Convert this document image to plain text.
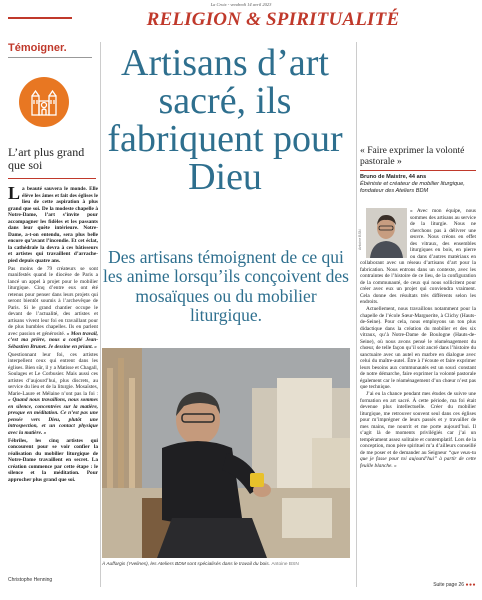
La Croix - vendredi 14 avril 2023
RELIGION & SPIRITUALITÉ
Témoigner.
L’art plus grand que soi

La beauté sauvera le monde. Elle élève les âmes et fait des églises le lieu de cette aspiration à plus grand que soi. De la modeste chapelle à Notre-Dame, l’art s’invite pour accompagner les fidèles et les passants dans leur quête intérieure. Notre-Dame, a-t-on entendu, sera plus belle encore qu’avant l’incendie. Et cet éclat, la cathédrale la devra à ces bâtisseurs et artistes qui travaillent d’arrache-pied depuis quatre ans.

Pas moins de 79 créateurs se sont manifestés quand le diocèse de Paris a lancé un appel à projet pour le mobilier liturgique. Cinq d’entre eux ont été retenus pour penser dans leurs projets qui seront bientôt soumis à l’archevêque de Paris. Si le grand chantier occupe le devant de l’actualité, des artistes et artisans vivent leur foi en travaillant pour de plus humbles chapelles. Ils en parlent avec passion et générosité. « Mon travail, c’est ma prière, nous a confié Jean-Sébastien Brunet. Je dessine en priant. »

Questionnant leur foi, ces artistes interpellent ceux qui entrent dans les églises. Bien sûr, il y a Matisse et Chagall, Soulages et Le Corbusier. Mais aussi ces artistes d’aujourd’hui, plus discrets, au service du lieu et de la liturgie. Mosaïstes, Marie-Laure et Mélaine n’ont pas la foi : « Quand nous travaillons, nous sommes en silence, concentrées sur la matière, presque en méditation. Ce n’est pas une pensée vers Dieu, plutôt une introspection, et un contact physique avec la matière. »

Fébriles, les cinq artistes qui concourent pour se voir confier la réalisation du mobilier liturgique de Notre-Dame travaillent en secret. La création commence par cette étape : le silence et la méditation. Pour approcher plus grand que soi.

Christophe Henning
Artisans d’art sacré, ils fabriquent pour Dieu
Des artisans témoignent de ce qui les anime lorsqu’ils conçoivent des mosaïques ou du mobilier liturgique.
À Auffargis (Yvelines), les Ateliers BDM sont spécialisés dans le travail du bois. Antoine BSN
« Faire exprimer la volonté pastorale »
Bruno de Maistre, 44 ans
Ébéniste et créateur de mobilier liturgique, fondateur des Ateliers BDM

« Avec mon équipe, nous sommes des artisans au service de la liturgie. Nous ne cherchons pas à délivrer une œuvre. Nous créons en effet des vitraux, des ensembles liturgiques en bois, en pierre ou dans d’autres matériaux en collaborant avec un réseau d’artisans d’art pour la fabrication. Nous entrons dans un contexte, avec les contraintes de l’histoire de ce lieu, de la configuration de la communauté, de ceux qui nous sollicitent pour créer avec eux un projet qui conviendra vraiment. Cela donne des résultats très différents selon les endroits.

Actuellement, nous travaillons notamment pour la chapelle de l’école Sœur-Marguerite, à Clichy (Hauts-de-Seine). Pour cela, nous employons un ton plus didactique dans la création du mobilier et des six vitraux, qu’à Notre-Dame de Boulogne (Hauts-de-Seine), où nous avons pensé le réaménagement du chœur, de telle façon qu’il soit ancré dans l’histoire du sanctuaire avec un autel en marbre en dialogue avec celui du maître-autel. Être à l’écoute et faire exprimer leurs besoins aux communautés est un souci constant de notre démarche, faire exprimer la volonté pastorale également car le réaménagement d’un chœur n’est pas que technique.

J’ai eu la chance pendant mes études de suivre une formation en art sacré. À cette période, ma foi était devenue plus intellectuelle. Créer du mobilier liturgique, me retrouver souvent seul dans ces églises pour m’imprégner de leurs passés et y travailler de mes mains, me nourrit et me porte aujourd’hui. Il s’agit là de moments privilégiés car j’ai un tempérament assez solitaire et contemplatif. Lors de la conception, mon père spirituel m’a d’ailleurs conseillé de me poser et de demander au Seigneur “que veux-tu que je fasse pour toi aujourd’hui” à partir de cette feuille blanche. »

Antoine BSN
Suite page 26 ●●●
